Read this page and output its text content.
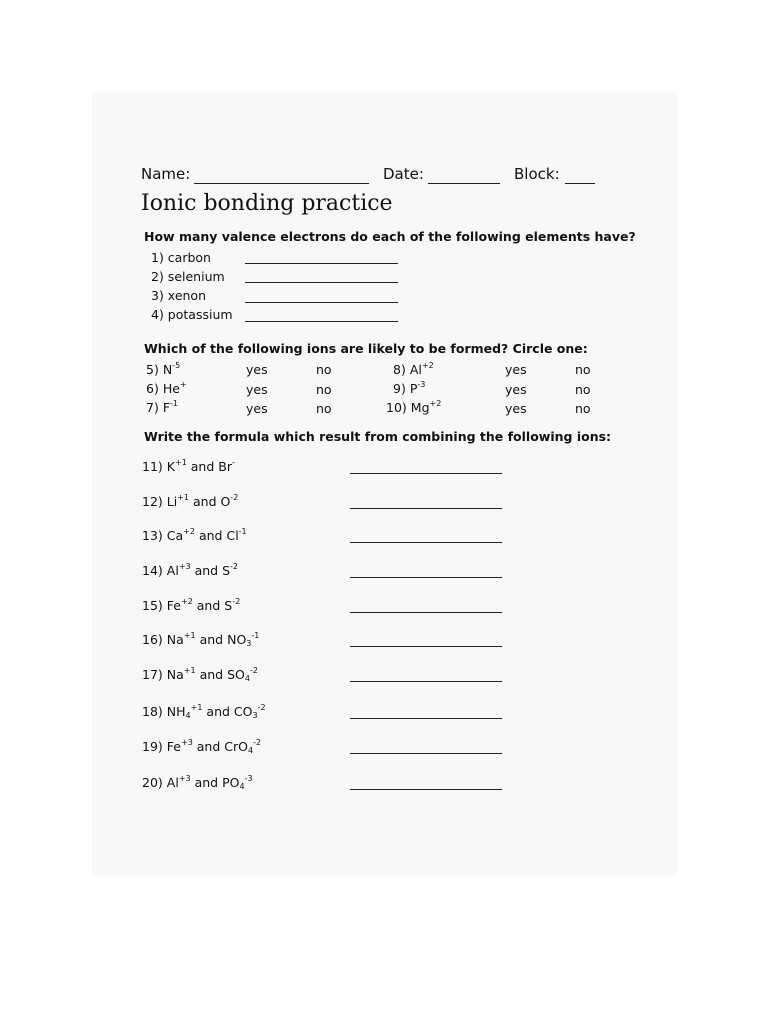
Name:	Date:	Block:
Ionic bonding practice
How many valence electrons do each of the following elements have?
1) carbon
2) selenium
3) xenon
4) potassium
Which of the following ions are likely to be formed? Circle one:
5) $N^{-5}$	yes	no	8) $Al^{+2}$	yes	no
6) He+	yes	no	9) $P^{-3}$	yes	no
7) $F^{-1}$	yes	no	10) $Mg^{+2}$	yes	no
Write the formula which result from combining the following ions:
11) $K^{+1}$ and Br-
12) $Li^{+1}$ and $O^{-2}$
13) $Ca^{+2}$ and $Cl^{-1}$
14) $Al^{+3}$ and $S^{-2}$
15) $Fe^{+2}$ and $S^{-2}$
16) $Na^{+1}$ and $NO_3^{-1}$
17) $Na^{+1}$ and $SO_4^{-2}$
18) $NH_4^{+1}$ and $CO_3^{-2}$
19) $Fe^{+3}$ and CrO$_4^{-2}$
20) $Al^{+3}$ and $PO_4^{-3}$
